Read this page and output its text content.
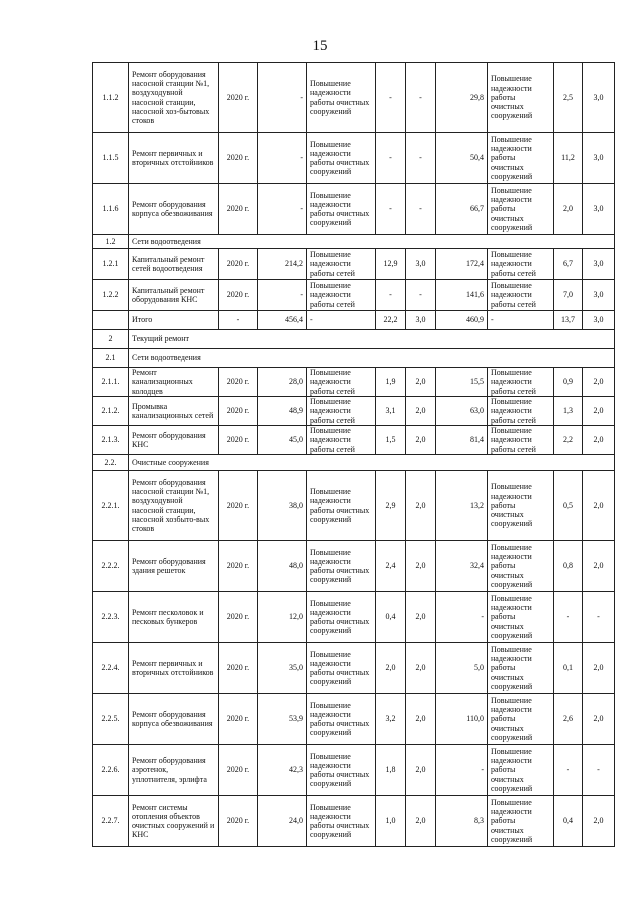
15
1.1.2	Ремонт оборудования насосной станции №1, воздуходувной насосной станции, насосной хоз-бытовых стоков	2020 г.	-	Повышение надежности работы очистных сооружений	-	-	29,8	Повышение надежности работы очистных сооружений	2,5	3,0
1.1.5	Ремонт первичных и вторичных отстойников	2020 г.	-	Повышение надежности работы очистных сооружений	-	-	50,4	Повышение надежности работы очистных сооружений	11,2	3,0
1.1.6	Ремонт оборудования корпуса обезвоживания	2020 г.	-	Повышение надежности работы очистных сооружений	-	-	66,7	Повышение надежности работы очистных сооружений	2,0	3,0
1.2	Сети водоотведения									
1.2.1	Капитальный ремонт сетей водоотведения	2020 г.	214,2	Повышение надежности работы сетей	12,9	3,0	172,4	Повышение надежности работы сетей	6,7	3,0
1.2.2	Капитальный ремонт оборудования КНС	2020 г.	-	Повышение надежности работы сетей	-	-	141,6	Повышение надежности работы сетей	7,0	3,0
	Итого	-	456,4	-	22,2	3,0	460,9	-	13,7	3,0
2	Текущий ремонт									
2.1	Сети водоотведения									
2.1.1.	Ремонт канализационных колодцев	2020 г.	28,0	Повышение надежности работы сетей	1,9	2,0	15,5	Повышение надежности работы сетей	0,9	2,0
2.1.2.	Промывка канализационных сетей	2020 г.	48,9	Повышение надежности работы сетей	3,1	2,0	63,0	Повышение надежности работы сетей	1,3	2,0
2.1.3.	Ремонт оборудования КНС	2020 г.	45,0	Повышение надежности работы сетей	1,5	2,0	81,4	Повышение надежности работы сетей	2,2	2,0
2.2.	Очистные сооружения									
2.2.1.	Ремонт оборудования насосной станции №1, воздуходувной насосной станции, насосной хозбыто-вых стоков	2020 г.	38,0	Повышение надежности работы очистных сооружений	2,9	2,0	13,2	Повышение надежности работы очистных сооружений	0,5	2,0
2.2.2.	Ремонт оборудования здания решеток	2020 г.	48,0	Повышение надежности работы очистных сооружений	2,4	2,0	32,4	Повышение надежности работы очистных сооружений	0,8	2,0
2.2.3.	Ремонт песколовок и песковых бункеров	2020 г.	12,0	Повышение надежности работы очистных сооружений	0,4	2,0	-	Повышение надежности работы очистных сооружений	-	-
2.2.4.	Ремонт первичных и вторичных отстойников	2020 г.	35,0	Повышение надежности работы очистных сооружений	2,0	2,0	5,0	Повышение надежности работы очистных сооружений	0,1	2,0
2.2.5.	Ремонт оборудования корпуса обезвоживания	2020 г.	53,9	Повышение надежности работы очистных сооружений	3,2	2,0	110,0	Повышение надежности работы очистных сооружений	2,6	2,0
2.2.6.	Ремонт оборудования аэротенок, уплотнителя, эрлифта	2020 г.	42,3	Повышение надежности работы очистных сооружений	1,8	2,0	-	Повышение надежности работы очистных сооружений	-	-
2.2.7.	Ремонт системы отопления объектов очистных сооружений и КНС	2020 г.	24,0	Повышение надежности работы очистных сооружений	1,0	2,0	8,3	Повышение надежности работы очистных сооружений	0,4	2,0
